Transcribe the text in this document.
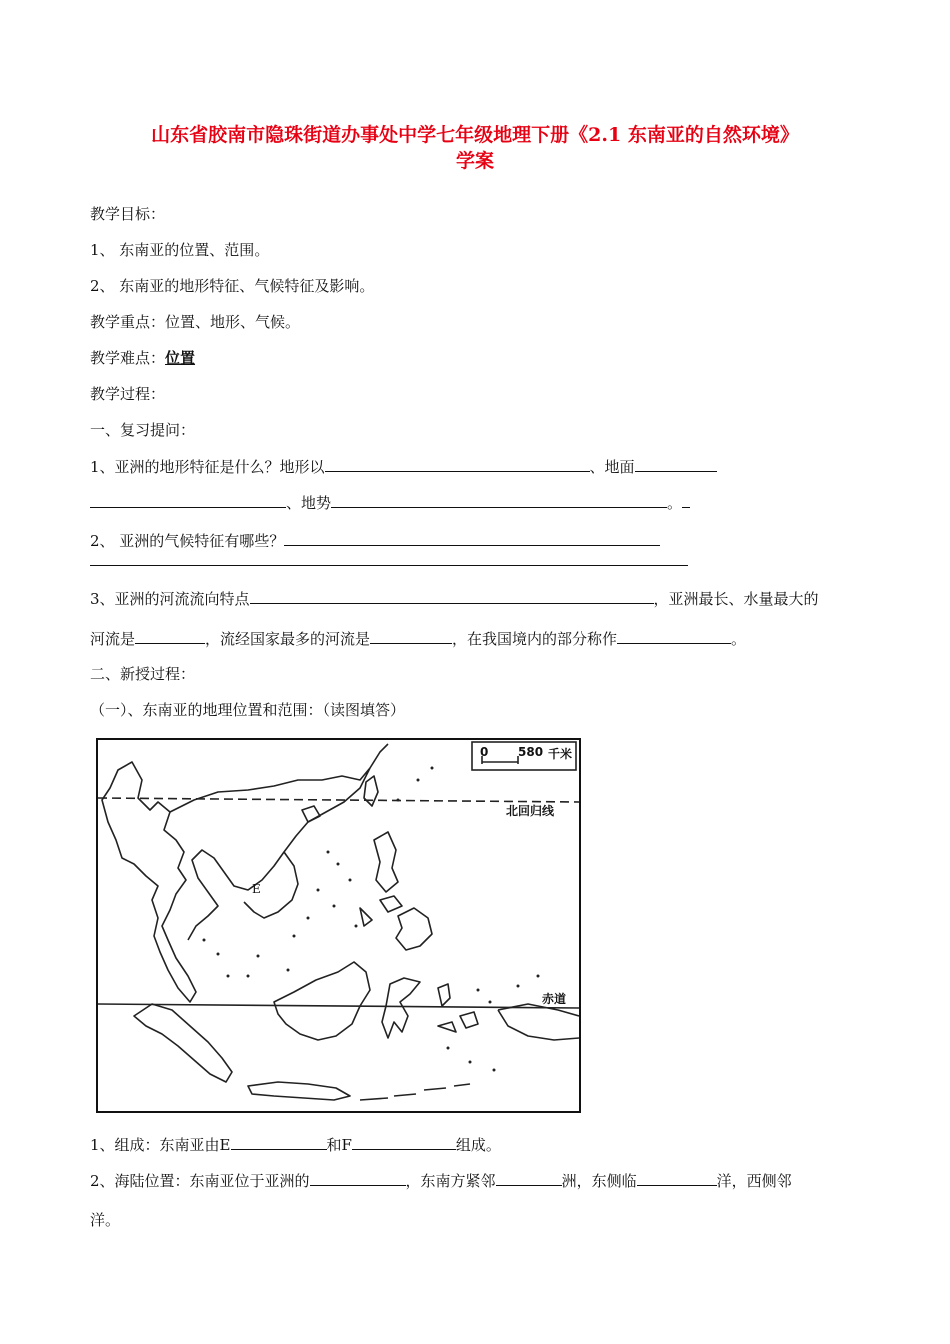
山东省胶南市隐珠街道办事处中学七年级地理下册《2.1 东南亚的自然环境》
学案
教学目标：
1、 东南亚的位置、范围。
2、 东南亚的地形特征、气候特征及影响。
教学重点：位置、地形、气候。
教学难点：位置
教学过程：
一、复习提问：
1、亚洲的地形特征是什么？地形以	、地面
、地势	。
2、 亚洲的气候特征有哪些？
3、亚洲的河流流向特点	，亚洲最长、水量最大的
河流是	，流经国家最多的河流是	，在我国境内的部分称作	。
二、新授过程：
（一）、东南亚的地理位置和范围：（读图填答）
0 580 千米
北回归线
赤道
E
1、组成：东南亚由E	和F	组成。
2、海陆位置：东南亚位于亚洲的	，东南方紧邻	洲，东侧临	洋，西侧邻
洋。
